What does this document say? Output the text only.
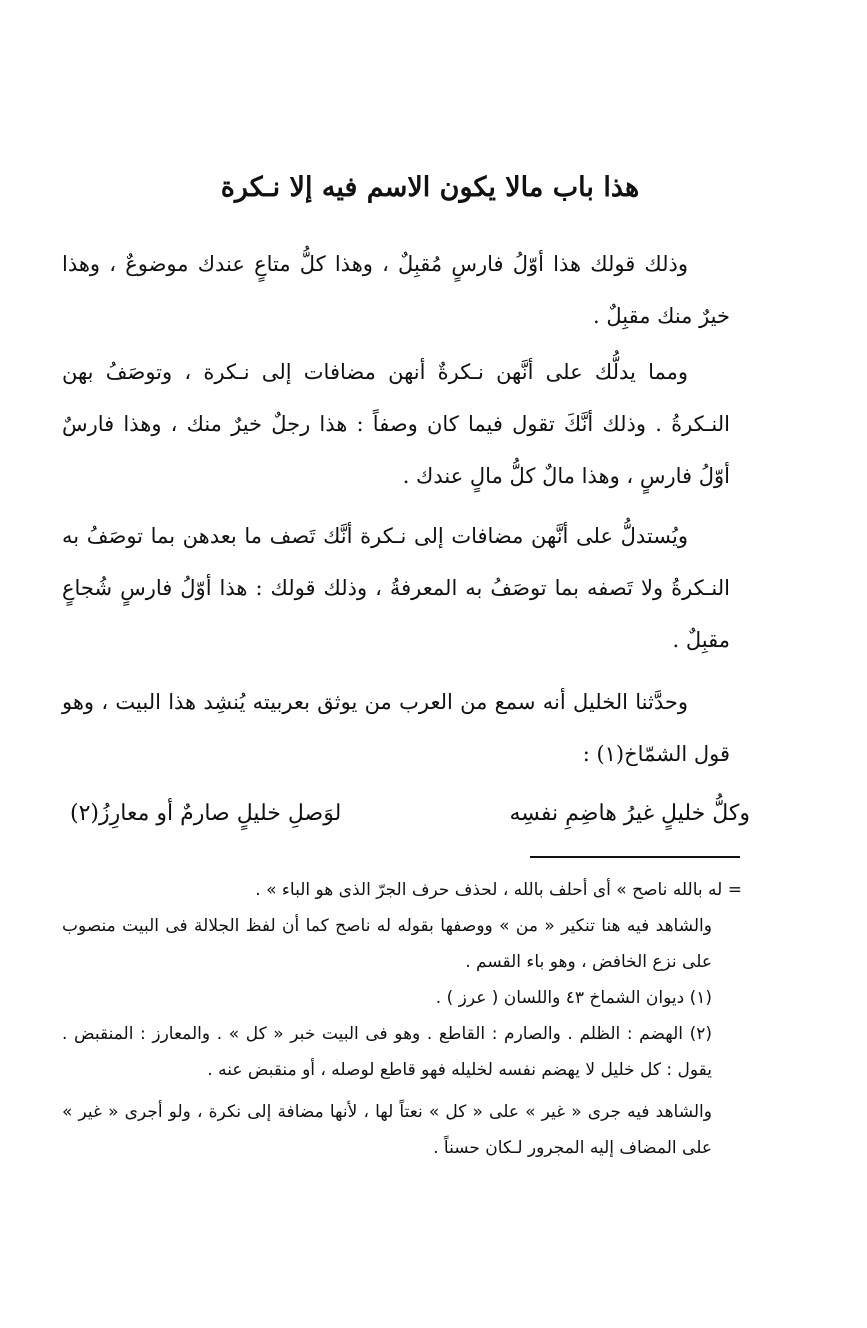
هذا باب مالا يكون الاسم فيه إلا نـكرة

وذلك قولك هذا أوّلُ فارسٍ مُقبِلٌ ، وهذا كلُّ متاعٍ عندك موضوعٌ ، وهذا خيرٌ منك مقبِلٌ .

ومما يدلُّك على أنَّهن نـكرةٌ أنهن مضافات إلى نـكرة ، وتوصَفُ بهن النـكرةُ . وذلك أنَّكَ تقول فيما كان وصفاً : هذا رجلٌ خيرٌ منك ، وهذا فارسٌ أوّلُ فارسٍ ، وهذا مالٌ كلُّ مالٍ عندك .

ويُستدلُّ على أنَّهن مضافات إلى نـكرة أنَّك تَصف ما بعدهن بما توصَفُ به النـكرةُ ولا تَصفه بما توصَفُ به المعرفةُ ، وذلك قولك : هذا أوّلُ فارسٍ شُجاعٍ مقبِلٌ .

وحدَّثنا الخليل أنه سمع من العرب من يوثق بعربيته يُنشِد هذا البيت ، وهو قول الشمّاخ(١) :

وكلُّ خليلٍ غيرُ هاضِمِ نفسِه
لوَصلِ خليلٍ صارمٌ أو معارِزُ(٢)

= له بالله ناصح » أى أحلف بالله ، لحذف حرف الجرّ الذى هو الباء » .

والشاهد فيه هنا تنكير « من » ووصفها بقوله له ناصح كما أن لفظ الجلالة فى البيت منصوب على نزع الخافض ، وهو باء القسم .

(١) ديوان الشماخ ٤٣ واللسان ( عرز ) .

(٢) الهضم : الظلم . والصارم : القاطع . وهو فى البيت خبر « كل » . والمعارز : المنقبض . يقول : كل خليل لا يهضم نفسه لخليله فهو قاطع لوصله ، أو منقبض عنه .

والشاهد فيه جرى « غير » على « كل » نعتاً لها ، لأنها مضافة إلى نكرة ، ولو أجرى « غير » على المضاف إليه المجرور لـكان حسناً .
